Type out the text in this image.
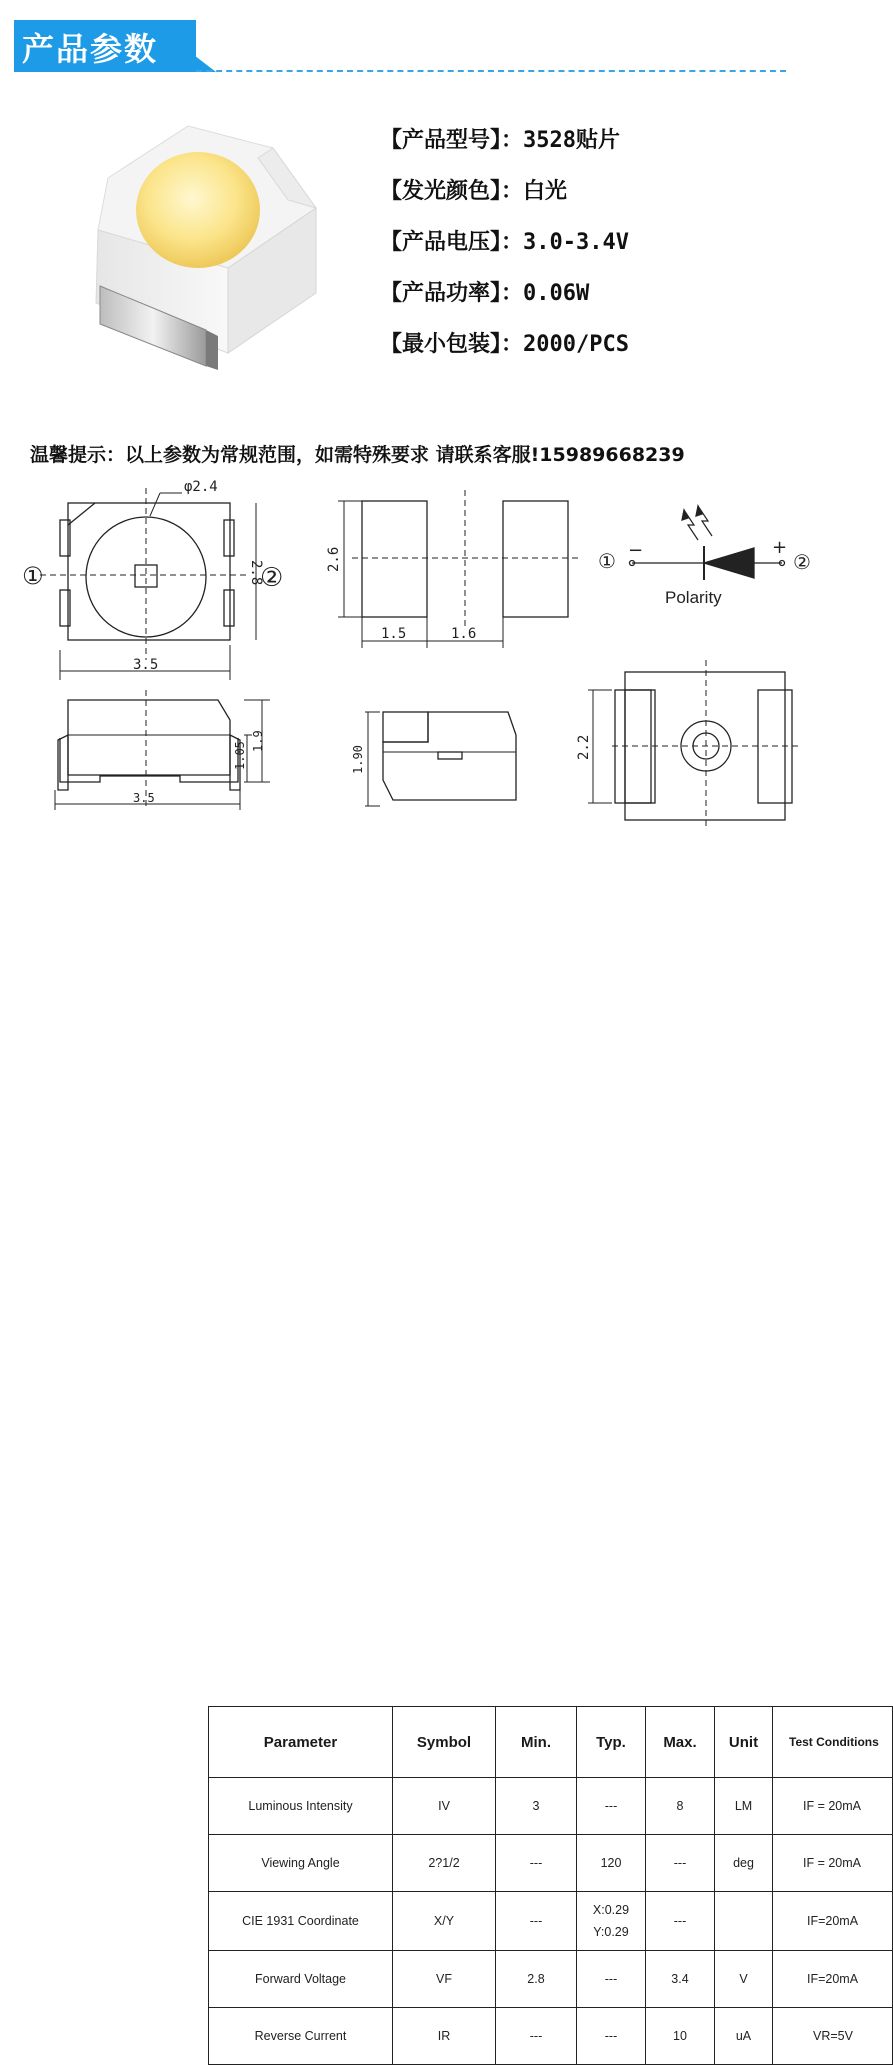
产品参数
【产品型号】：3528贴片
【发光颜色】：白光
【产品电压】：3.0-3.4V
【产品功率】：0.06W
【最小包装】：2000/PCS
温馨提示：以上参数为常规范围，如需特殊要求 请联系客服!15989668239
φ2.4
①	②
2.8
3.5
2.6
1.5	1.6
①	②
−	+
Polarity
1.05 1.9
3.5
1.90	2.2
Parameter	Symbol	Min.	Typ.	Max.	Unit	Test Conditions
Luminous Intensity	IV	3	---	8	LM	IF = 20mA
Viewing Angle	2?1/2	---	120	---	deg	IF = 20mA
CIE 1931 Coordinate	X/Y	---	X:0.29
Y:0.29	---		IF=20mA
Forward Voltage	VF	2.8	---	3.4	V	IF=20mA
Reverse Current	IR	---	---	10	uA	VR=5V
